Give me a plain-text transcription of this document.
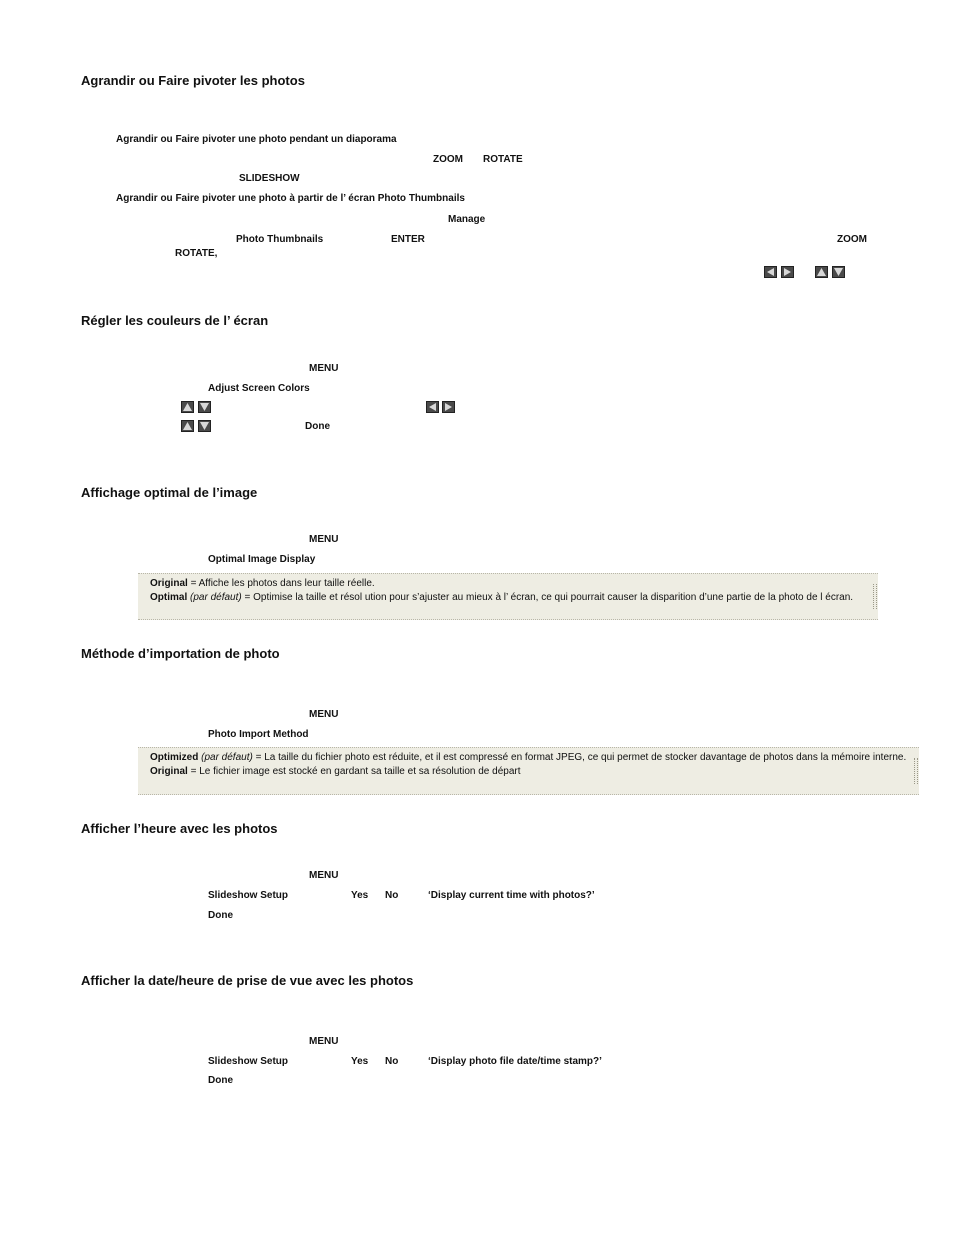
Agrandir ou Faire pivoter les photos
Agrandir ou Faire pivoter une photo pendant un diaporama
ZOOM ROTATE
SLIDESHOW
Agrandir ou Faire pivoter une photo à partir de l’ écran Photo Thumbnails
Manage
Photo Thumbnails	ENTER	ZOOM
ROTATE,
Régler les couleurs de l’ écran
MENU
Adjust Screen Colors
Done
Affichage optimal de l’image
MENU
Optimal Image Display
Original = Affiche les photos dans leur taille réelle.
Optimal (par défaut) = Optimise la taille et résol ution pour s’ajuster au mieux à l’ écran, ce qui pourrait causer la disparition d’une partie de la photo de l écran.
Méthode d’importation de photo
MENU
Photo Import Method
Optimized (par défaut) = La taille du fichier photo est réduite, et il est compressé en format JPEG, ce qui permet de stocker davantage de photos dans la mémoire interne.
Original = Le fichier image est stocké en gardant sa taille et sa résolution de départ
Afficher l’heure avec les photos
MENU
Slideshow Setup	Yes No	‘Display current time with photos?’
Done
Afficher la date/heure de prise de vue avec les photos
MENU
Slideshow Setup	Yes No	‘Display photo file date/time stamp?’
Done
